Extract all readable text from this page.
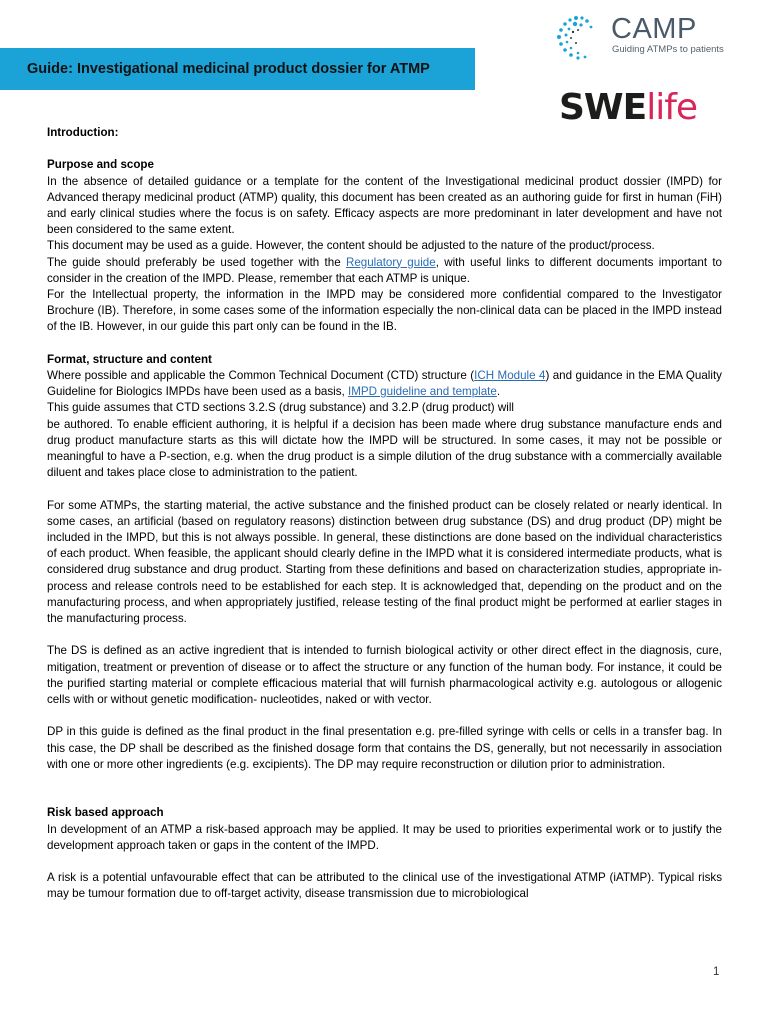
Guide: Investigational medicinal product dossier for ATMP
CAMP
Guiding ATMPs to patients
SWElife

Introduction:

Purpose and scope

In the absence of detailed guidance or a template for the content of the Investigational medicinal product dossier (IMPD) for Advanced therapy medicinal product (ATMP) quality, this document has been created as an authoring guide for first in human (FiH) and early clinical studies where the focus is on safety. Efficacy aspects are more predominant in later development and have not been considered to the same extent.

This document may be used as a guide. However, the content should be adjusted to the nature of the product/process.

The guide should preferably be used together with the Regulatory guide, with useful links to different documents important to consider in the creation of the IMPD. Please, remember that each ATMP is unique.

For the Intellectual property, the information in the IMPD may be considered more confidential compared to the Investigator Brochure (IB). Therefore, in some cases some of the information especially the non-clinical data can be placed in the IMPD instead of the IB. However, in our guide this part only can be found in the IB.

Format, structure and content

Where possible and applicable the Common Technical Document (CTD) structure (ICH Module 4) and guidance in the EMA Quality Guideline for Biologics IMPDs have been used as a basis, IMPD guideline and template.

This guide assumes that CTD sections 3.2.S (drug substance) and 3.2.P (drug product) will

be authored. To enable efficient authoring, it is helpful if a decision has been made where drug substance manufacture ends and drug product manufacture starts as this will dictate how the IMPD will be structured. In some cases, it may not be possible or meaningful to have a P-section, e.g. when the drug product is a simple dilution of the drug substance with a commercially available diluent and takes place close to administration to the patient.

For some ATMPs, the starting material, the active substance and the finished product can be closely related or nearly identical. In some cases, an artificial (based on regulatory reasons) distinction between drug substance (DS) and drug product (DP) might be included in the IMPD, but this is not always possible. In general, these distinctions are done based on the individual characteristics of each product. When feasible, the applicant should clearly define in the IMPD what it is considered intermediate products, what is considered drug substance and drug product. Starting from these definitions and based on characterization studies, appropriate in-process and release controls need to be established for each step. It is acknowledged that, depending on the product and on the manufacturing process, and when appropriately justified, release testing of the final product might be performed at earlier stages in the manufacturing process.

The DS is defined as an active ingredient that is intended to furnish biological activity or other direct effect in the diagnosis, cure, mitigation, treatment or prevention of disease or to affect the structure or any function of the human body. For instance, it could be the purified starting material or complete efficacious material that will furnish pharmacological activity e.g. autologous or allogenic cells with or without genetic modification- nucleotides, naked or with vector.

DP in this guide is defined as the final product in the final presentation e.g. pre-filled syringe with cells or cells in a transfer bag. In this case, the DP shall be described as the finished dosage form that contains the DS, generally, but not necessarily in association with one or more other ingredients (e.g. excipients). The DP may require reconstruction or dilution prior to administration.

Risk based approach

In development of an ATMP a risk-based approach may be applied. It may be used to priorities experimental work or to justify the development approach taken or gaps in the content of the IMPD.

A risk is a potential unfavourable effect that can be attributed to the clinical use of the investigational ATMP (iATMP). Typical risks may be tumour formation due to off-target activity, disease transmission due to microbiological

1
